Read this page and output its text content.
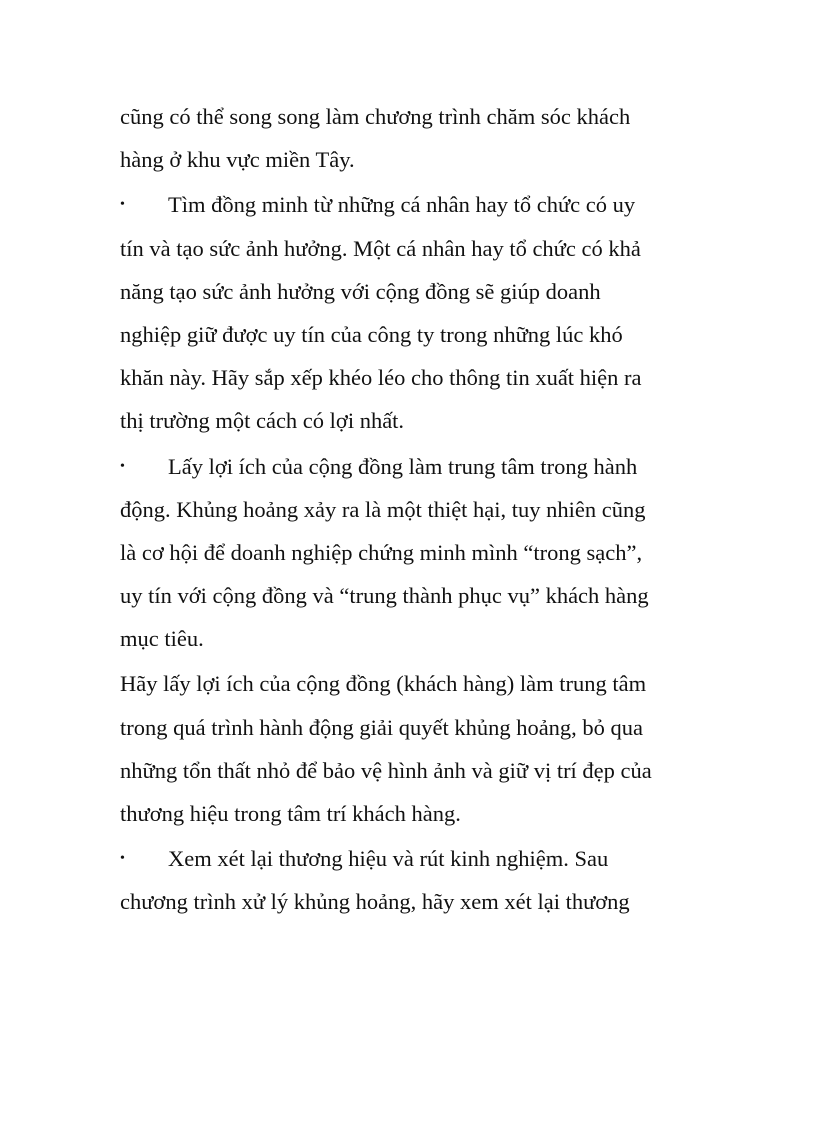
cũng có thể song song làm chương trình chăm sóc khách
hàng ở khu vực miền Tây.
•	Tìm đồng minh từ những cá nhân hay tổ chức có uy
tín và tạo sức ảnh hưởng. Một cá nhân hay tổ chức có khả
năng tạo sức ảnh hưởng với cộng đồng sẽ giúp doanh
nghiệp giữ được uy tín của công ty trong những lúc khó
khăn này. Hãy sắp xếp khéo léo cho thông tin xuất hiện ra
thị trường một cách có lợi nhất.
•	Lấy lợi ích của cộng đồng làm trung tâm trong hành
động. Khủng hoảng xảy ra là một thiệt hại, tuy nhiên cũng
là cơ hội để doanh nghiệp chứng minh mình “trong sạch”,
uy tín với cộng đồng và “trung thành phục vụ” khách hàng
mục tiêu.
Hãy lấy lợi ích của cộng đồng (khách hàng) làm trung tâm
trong quá trình hành động giải quyết khủng hoảng, bỏ qua
những tổn thất nhỏ để bảo vệ hình ảnh và giữ vị trí đẹp của
thương hiệu trong tâm trí khách hàng.
•	Xem xét lại thương hiệu và rút kinh nghiệm. Sau
chương trình xử lý khủng hoảng, hãy xem xét lại thương
